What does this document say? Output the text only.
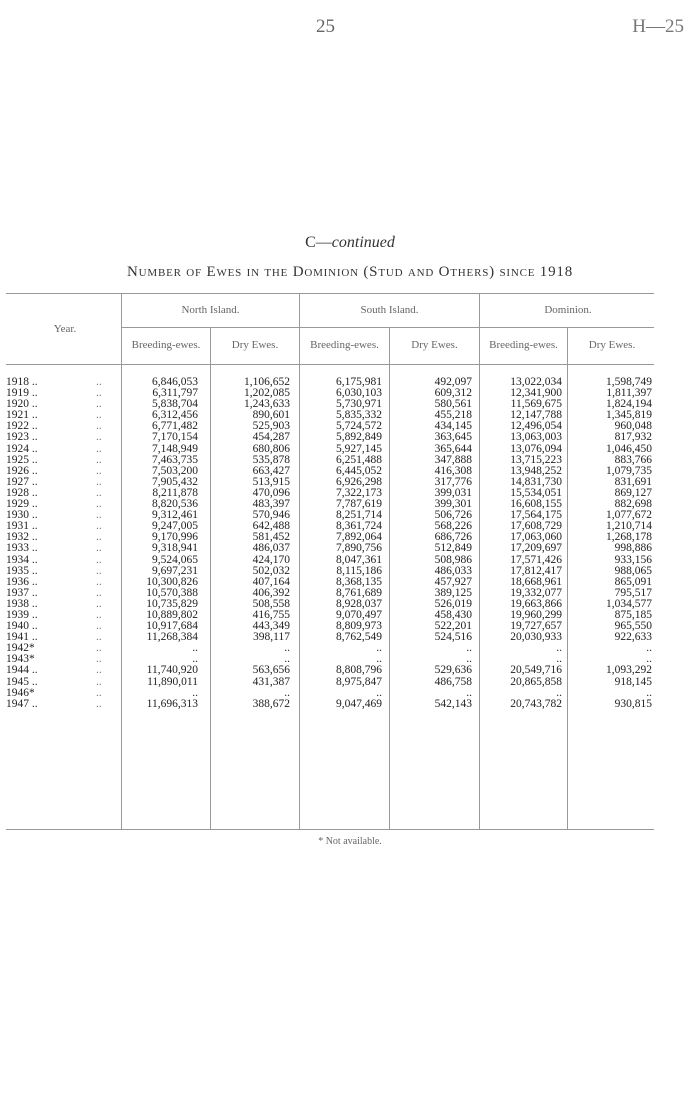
25	H—25
C—continued
Number of Ewes in the Dominion (Stud and Others) since 1918
Year.
North Island.	South Island.	Dominion.
Breeding-ewes.	Dry Ewes.	Breeding-ewes.	Dry Ewes.	Breeding-ewes.	Dry Ewes.
1918 ..	..	6,846,053	1,106,652	6,175,981	492,097	13,022,034	1,598,749
1919 ..	..	6,311,797	1,202,085	6,030,103	609,312	12,341,900	1,811,397
1920 ..	..	5,838,704	1,243,633	5,730,971	580,561	11,569,675	1,824,194
1921 ..	..	6,312,456	890,601	5,835,332	455,218	12,147,788	1,345,819
1922 ..	..	6,771,482	525,903	5,724,572	434,145	12,496,054	960,048
1923 ..	..	7,170,154	454,287	5,892,849	363,645	13,063,003	817,932
1924 ..	..	7,148,949	680,806	5,927,145	365,644	13,076,094	1,046,450
1925 ..	..	7,463,735	535,878	6,251,488	347,888	13,715,223	883,766
1926 ..	..	7,503,200	663,427	6,445,052	416,308	13,948,252	1,079,735
1927 ..	..	7,905,432	513,915	6,926,298	317,776	14,831,730	831,691
1928 ..	..	8,211,878	470,096	7,322,173	399,031	15,534,051	869,127
1929 ..	..	8,820,536	483,397	7,787,619	399,301	16,608,155	882,698
1930 ..	..	9,312,461	570,946	8,251,714	506,726	17,564,175	1,077,672
1931 ..	..	9,247,005	642,488	8,361,724	568,226	17,608,729	1,210,714
1932 ..	..	9,170,996	581,452	7,892,064	686,726	17,063,060	1,268,178
1933 ..	..	9,318,941	486,037	7,890,756	512,849	17,209,697	998,886
1934 ..	..	9,524,065	424,170	8,047,361	508,986	17,571,426	933,156
1935 ..	..	9,697,231	502,032	8,115,186	486,033	17,812,417	988,065
1936 ..	..	10,300,826	407,164	8,368,135	457,927	18,668,961	865,091
1937 ..	..	10,570,388	406,392	8,761,689	389,125	19,332,077	795,517
1938 ..	..	10,735,829	508,558	8,928,037	526,019	19,663,866	1,034,577
1939 ..	..	10,889,802	416,755	9,070,497	458,430	19,960,299	875,185
1940 ..	..	10,917,684	443,349	8,809,973	522,201	19,727,657	965,550
1941 ..	..	11,268,384	398,117	8,762,549	524,516	20,030,933	922,633
1942*	..	..	..	..	..	..	..
1943*	..	..	..	..	..	..	..
1944 ..	..	11,740,920	563,656	8,808,796	529,636	20,549,716	1,093,292
1945 ..	..	11,890,011	431,387	8,975,847	486,758	20,865,858	918,145
1946*	..	..	..	..	..	..	..
1947 ..	..	11,696,313	388,672	9,047,469	542,143	20,743,782	930,815
* Not available.
